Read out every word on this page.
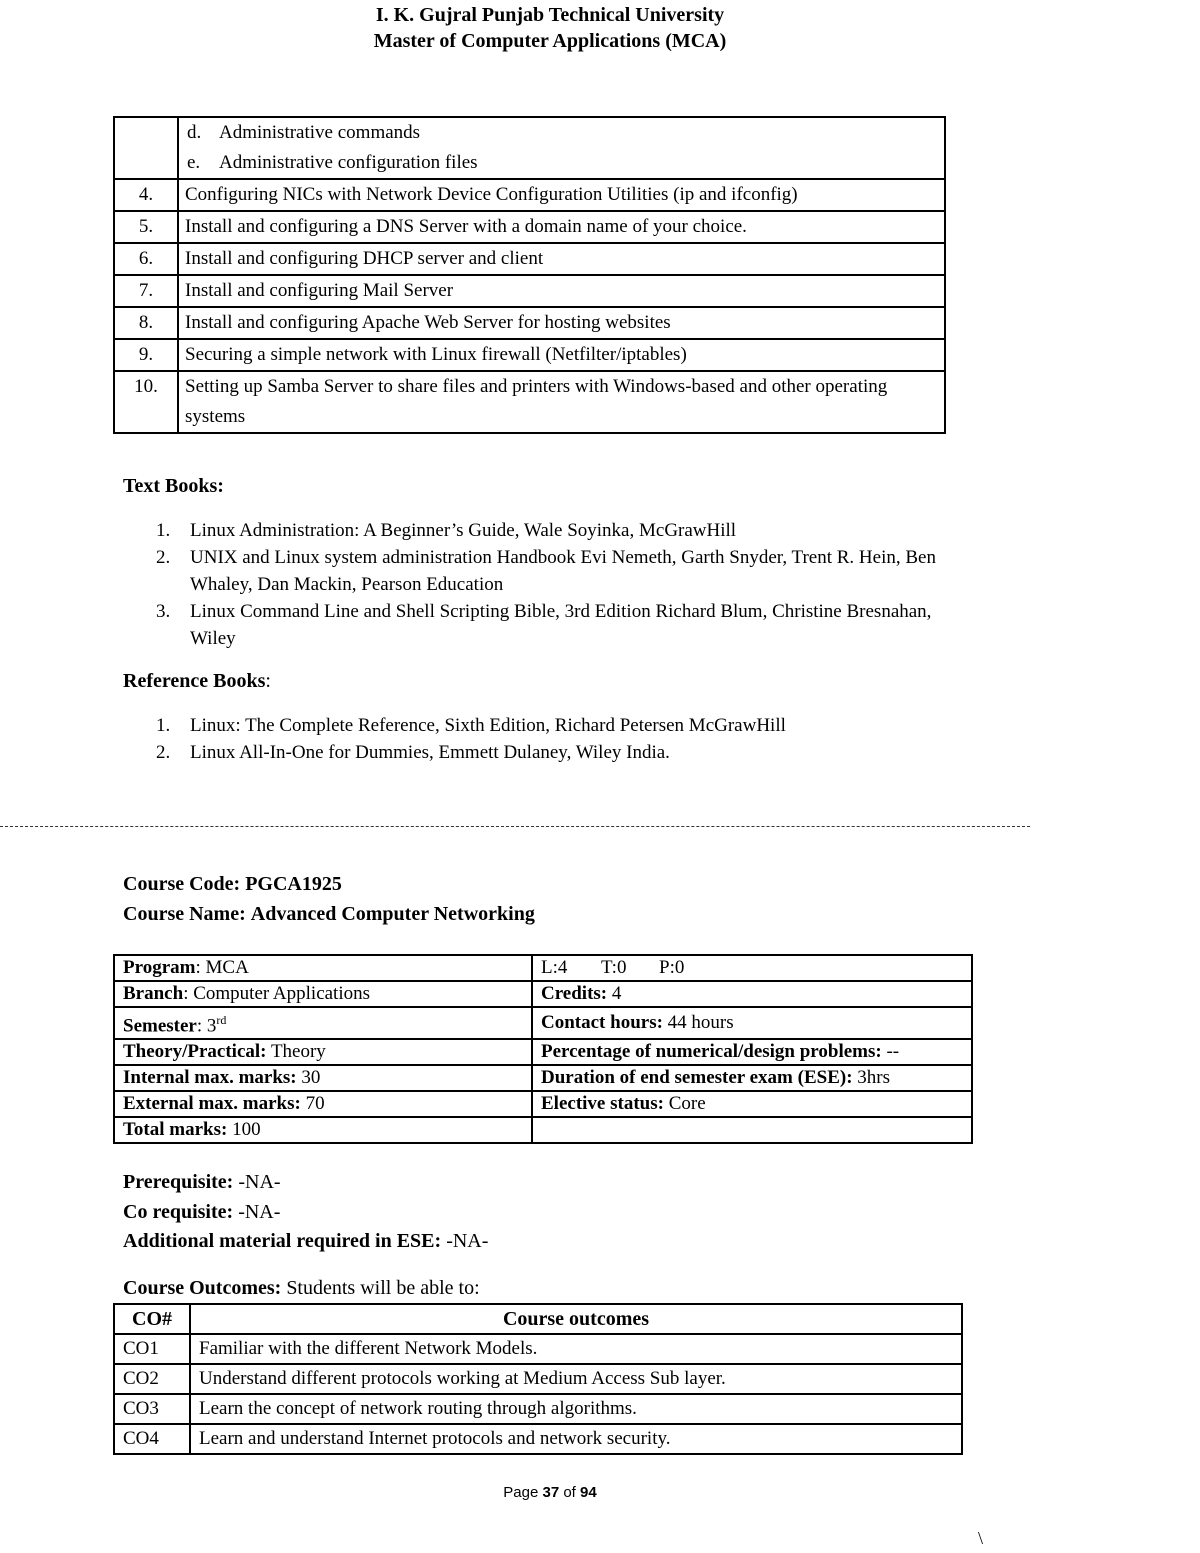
I. K. Gujral Punjab Technical University
Master of Computer Applications (MCA)

	d. Administrative commands
e. Administrative configuration files

4.	Configuring NICs with Network Device Configuration Utilities (ip and ifconfig)
5.	Install and configuring a DNS Server with a domain name of your choice.
6.	Install and configuring DHCP server and client
7.	Install and configuring Mail Server
8.	Install and configuring Apache Web Server for hosting websites
9.	Securing a simple network with Linux firewall (Netfilter/iptables)
10.	Setting up Samba Server to share files and printers with Windows-based and other operating systems
Text Books:
1. Linux Administration: A Beginner’s Guide, Wale Soyinka, McGrawHill
2. UNIX and Linux system administration Handbook Evi Nemeth, Garth Snyder, Trent R. Hein, Ben Whaley, Dan Mackin, Pearson Education
3. Linux Command Line and Shell Scripting Bible, 3rd Edition Richard Blum, Christine Bresnahan, Wiley
Reference Books:
1. Linux: The Complete Reference, Sixth Edition, Richard Petersen McGrawHill
2. Linux All-In-One for Dummies, Emmett Dulaney, Wiley India.
Course Code: PGCA1925
Course Name: Advanced Computer Networking
Program: MCA	L:4 T:0 P:0
Branch: Computer Applications	Credits: 4
Semester: 3rd	Contact hours: 44 hours
Theory/Practical: Theory	Percentage of numerical/design problems: --
Internal max. marks: 30	Duration of end semester exam (ESE): 3hrs
External max. marks: 70	Elective status: Core
Total marks: 100	
Prerequisite: -NA-
Co requisite: -NA-
Additional material required in ESE: -NA-
Course Outcomes: Students will be able to:
CO#	Course outcomes
CO1	Familiar with the different Network Models.
CO2	Understand different protocols working at Medium Access Sub layer.
CO3	Learn the concept of network routing through algorithms.
CO4	Learn and understand Internet protocols and network security.
Page 37 of 94
\
